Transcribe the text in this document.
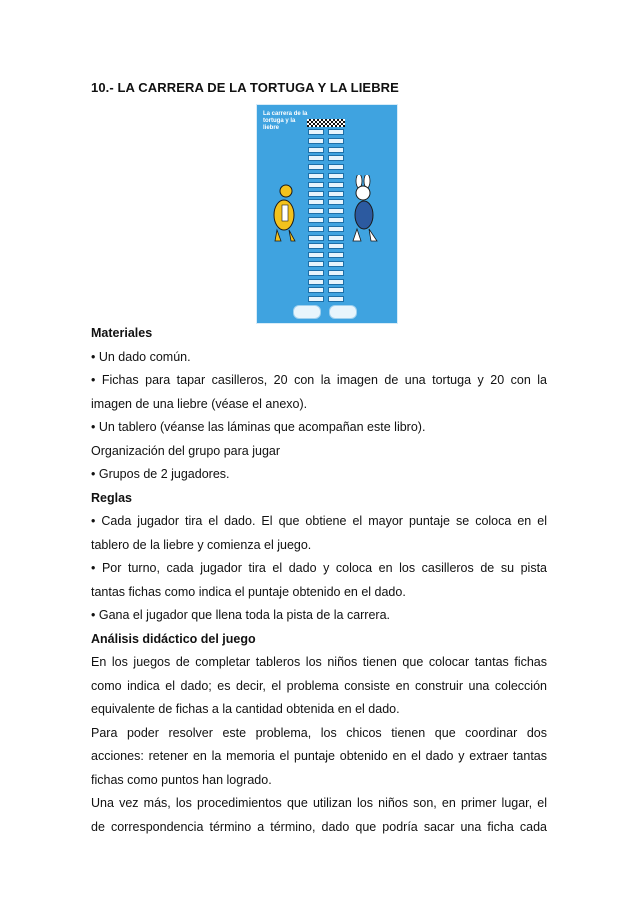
10.- LA CARRERA DE LA TORTUGA Y LA LIEBRE
La carrera de la tortuga y la liebre
Materiales
• Un dado común.
• Fichas para tapar casilleros, 20 con la imagen de una tortuga y 20 con la
imagen de una liebre (véase el anexo).
• Un tablero (véanse las láminas que acompañan este libro).
Organización del grupo para jugar
• Grupos de 2 jugadores.
Reglas
• Cada jugador tira el dado. El que obtiene el mayor puntaje se coloca en el
tablero de la liebre y comienza el juego.
• Por turno, cada jugador tira el dado y coloca en los casilleros de su pista
tantas fichas como indica el puntaje obtenido en el dado.
• Gana el jugador que llena toda la pista de la carrera.
Análisis didáctico del juego
En los juegos de completar tableros los niños tienen que colocar tantas fichas
como indica el dado; es decir, el problema consiste en construir una colección
equivalente de fichas a la cantidad obtenida en el dado.
Para poder resolver este problema, los chicos tienen que coordinar dos
acciones: retener en la memoria el puntaje obtenido en el dado y extraer tantas
fichas como puntos han logrado.
Una vez más, los procedimientos que utilizan los niños son, en primer lugar, el
de correspondencia término a término, dado que podría sacar una ficha cada
